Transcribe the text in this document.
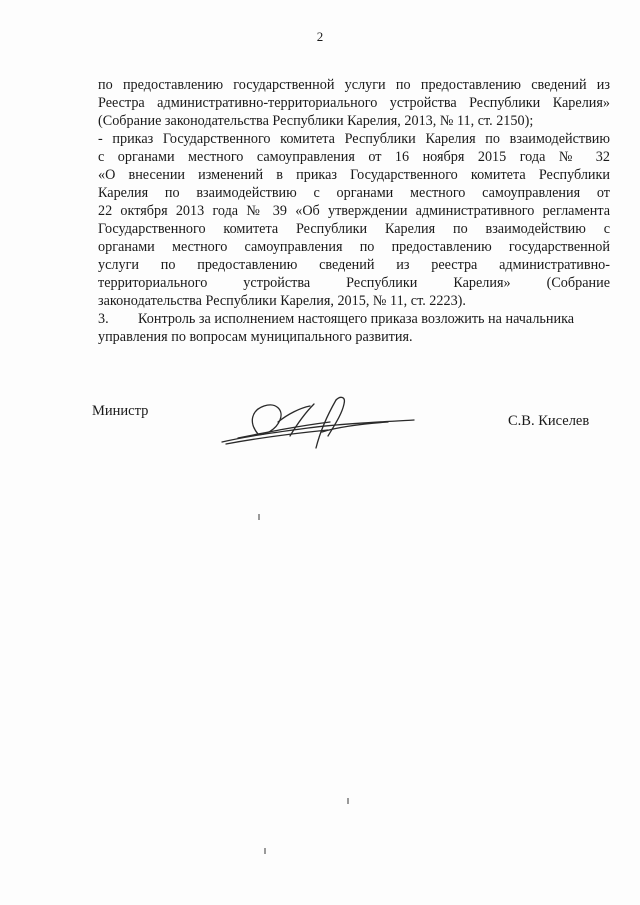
2
по предоставлению государственной услуги по предоставлению сведений из
Реестра административно-территориального устройства Республики Карелия»
(Собрание законодательства Республики Карелия, 2013, № 11, ст. 2150);
- приказ Государственного комитета Республики Карелия по взаимодействию
с органами местного самоуправления от 16 ноября 2015 года № 32
«О внесении изменений в приказ Государственного комитета Республики
Карелия по взаимодействию с органами местного самоуправления от
22 октября 2013 года № 39 «Об утверждении административного регламента
Государственного комитета Республики Карелия по взаимодействию с
органами местного самоуправления по предоставлению государственной
услуги по предоставлению сведений из реестра административно-
территориального устройства Республики Карелия» (Собрание
законодательства Республики Карелия, 2015, № 11, ст. 2223).
3. Контроль за исполнением настоящего приказа возложить на начальника
управления по вопросам муниципального развития.
Министр
С.В. Киселев
